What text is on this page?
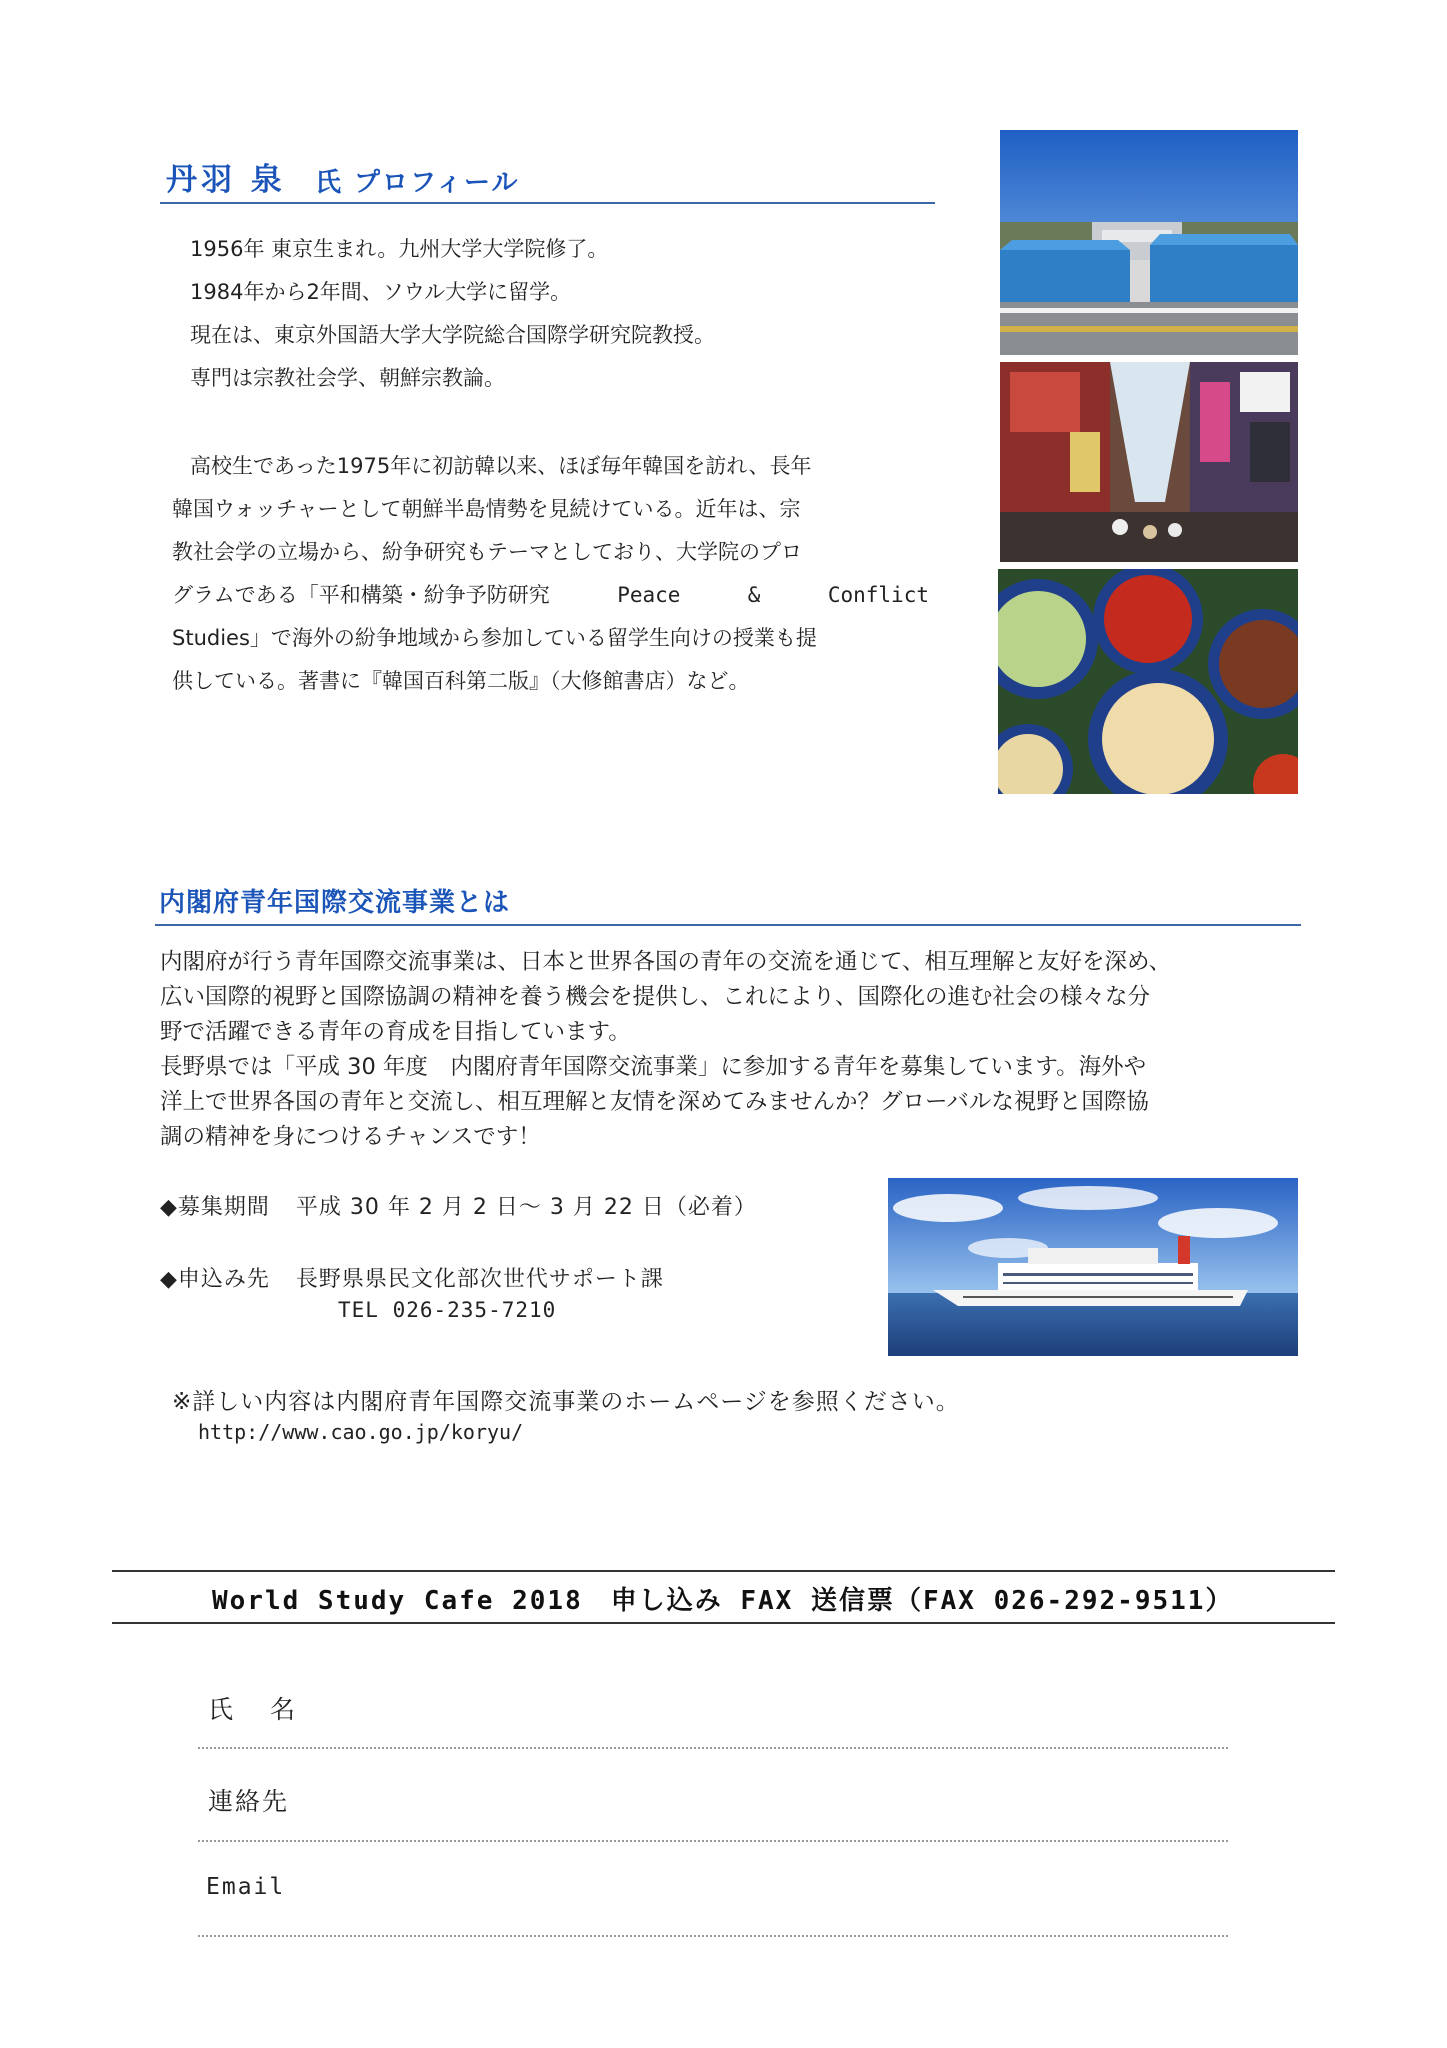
丹羽 泉 氏 プロフィール
1956年 東京生まれ。九州大学大学院修了。
1984年から2年間、ソウル大学に留学。
現在は、東京外国語大学大学院総合国際学研究院教授。
専門は宗教社会学、朝鮮宗教論。
高校生であった1975年に初訪韓以来、ほぼ毎年韓国を訪れ、長年
韓国ウォッチャーとして朝鮮半島情勢を見続けている。近年は、宗
教社会学の立場から、紛争研究もテーマとしており、大学院のプロ
グラムである「平和構築・紛争予防研究	Peace	&	Conflict
Studies」で海外の紛争地域から参加している留学生向けの授業も提
供している。著書に『韓国百科第二版』（大修館書店）など。
内閣府青年国際交流事業とは
内閣府が行う青年国際交流事業は、日本と世界各国の青年の交流を通じて、相互理解と友好を深め、
広い国際的視野と国際協調の精神を養う機会を提供し、これにより、国際化の進む社会の様々な分
野で活躍できる青年の育成を目指しています。
長野県では「平成 30 年度　内閣府青年国際交流事業」に参加する青年を募集しています。海外や
洋上で世界各国の青年と交流し、相互理解と友情を深めてみませんか？グローバルな視野と国際協
調の精神を身につけるチャンスです！
◆募集期間 平成 30 年 2 月 2 日～ 3 月 22 日（必着）
◆申込み先 長野県県民文化部次世代サポート課
TEL 026-235-7210
※詳しい内容は内閣府青年国際交流事業のホームページを参照ください。
http://www.cao.go.jp/koryu/
World Study Cafe 2018　申し込み FAX 送信票（FAX 026-292-9511）
氏　名
連絡先
Email
